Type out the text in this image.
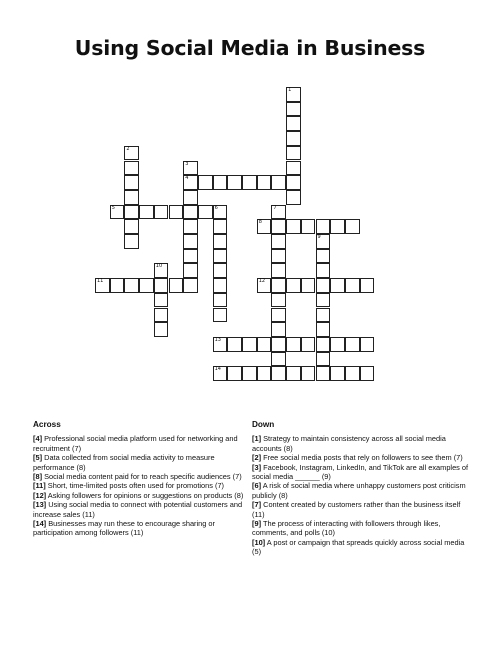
Using Social Media in Business
1
2
3
4
5	6	7
8
9
10
11	12
13
14
Across

[4] Professional social media platform used for networking and recruitment (7)

[5] Data collected from social media activity to measure performance (8)

[8] Social media content paid for to reach specific audiences (7)

[11] Short, time-limited posts often used for promotions (7)

[12] Asking followers for opinions or suggestions on products (8)

[13] Using social media to connect with potential customers and increase sales (11)

[14] Businesses may run these to encourage sharing or participation among followers (11)

Down

[1] Strategy to maintain consistency across all social media accounts (8)

[2] Free social media posts that rely on followers to see them (7)

[3] Facebook, Instagram, LinkedIn, and TikTok are all examples of social media ______ (9)

[6] A risk of social media where unhappy customers post criticism publicly (8)

[7] Content created by customers rather than the business itself (11)

[9] The process of interacting with followers through likes, comments, and polls (10)

[10] A post or campaign that spreads quickly across social media (5)
